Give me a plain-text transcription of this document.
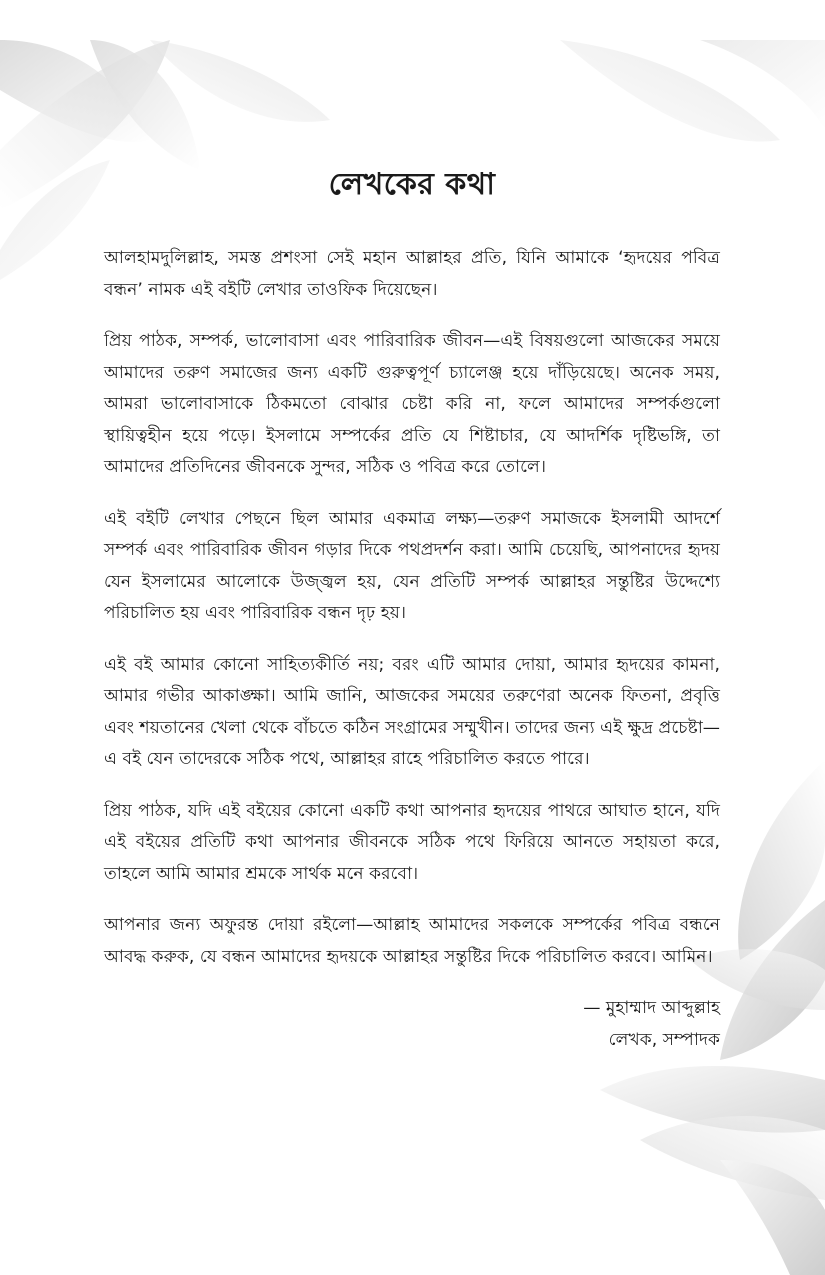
লেখকের কথা

আলহামদুলিল্লাহ, সমস্ত প্রশংসা সেই মহান আল্লাহর প্রতি, যিনি আমাকে ‘হৃদয়ের পবিত্র বন্ধন’ নামক এই বইটি লেখার তাওফিক দিয়েছেন।

প্রিয় পাঠক, সম্পর্ক, ভালোবাসা এবং পারিবারিক জীবন—এই বিষয়গুলো আজকের সময়ে আমাদের তরুণ সমাজের জন্য একটি গুরুত্বপূর্ণ চ্যালেঞ্জ হয়ে দাঁড়িয়েছে। অনেক সময়, আমরা ভালোবাসাকে ঠিকমতো বোঝার চেষ্টা করি না, ফলে আমাদের সম্পর্কগুলো স্থায়িত্বহীন হয়ে পড়ে। ইসলামে সম্পর্কের প্রতি যে শিষ্টাচার, যে আদর্শিক দৃষ্টিভঙ্গি, তা আমাদের প্রতিদিনের জীবনকে সুন্দর, সঠিক ও পবিত্র করে তোলে।

এই বইটি লেখার পেছনে ছিল আমার একমাত্র লক্ষ্য—তরুণ সমাজকে ইসলামী আদর্শে সম্পর্ক এবং পারিবারিক জীবন গড়ার দিকে পথপ্রদর্শন করা। আমি চেয়েছি, আপনাদের হৃদয় যেন ইসলামের আলোকে উজ্জ্বল হয়, যেন প্রতিটি সম্পর্ক আল্লাহর সন্তুষ্টির উদ্দেশ্যে পরিচালিত হয় এবং পারিবারিক বন্ধন দৃঢ় হয়।

এই বই আমার কোনো সাহিত্যকীর্তি নয়; বরং এটি আমার দোয়া, আমার হৃদয়ের কামনা, আমার গভীর আকাঙ্ক্ষা। আমি জানি, আজকের সময়ের তরুণেরা অনেক ফিতনা, প্রবৃত্তি এবং শয়তানের খেলা থেকে বাঁচতে কঠিন সংগ্রামের সম্মুখীন। তাদের জন্য এই ক্ষুদ্র প্রচেষ্টা—এ বই যেন তাদেরকে সঠিক পথে, আল্লাহর রাহে পরিচালিত করতে পারে।

প্রিয় পাঠক, যদি এই বইয়ের কোনো একটি কথা আপনার হৃদয়ের পাথরে আঘাত হানে, যদি এই বইয়ের প্রতিটি কথা আপনার জীবনকে সঠিক পথে ফিরিয়ে আনতে সহায়তা করে, তাহলে আমি আমার শ্রমকে সার্থক মনে করবো।

আপনার জন্য অফুরন্ত দোয়া রইলো—আল্লাহ আমাদের সকলকে সম্পর্কের পবিত্র বন্ধনে আবদ্ধ করুক, যে বন্ধন আমাদের হৃদয়কে আল্লাহর সন্তুষ্টির দিকে পরিচালিত করবে। আমিন।

— মুহাম্মাদ আব্দুল্লাহ
লেখক, সম্পাদক
